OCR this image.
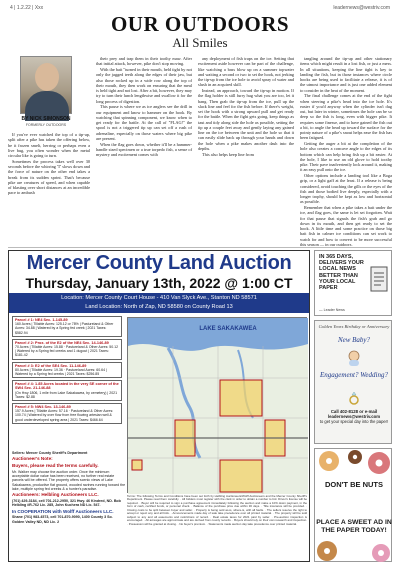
4 | 1.2.22 | Xxx	leadernews@westriv.com
OUR OUTDOORS
All Smiles
BY NICK SIMONSON
FORMERLY OUTDOORS

If you've ever watched the top of a tip-up, split after a pike has taken the offering below, be it frozen smelt, herring or perhaps even a live bug, you often wonder when the metal circular like is going to turn.

Sometimes the process takes well over 30 seconds before the whirring 'T' slows down and the force of nature on the other end takes a break from its sudden sprint. That's because pike are creatures of speed, and when capable of blasting over short distances at an incredible pace to ambush

their prey and trap them in their toothy maw. After that initial attack, however, pike don't stop moving.

With the bait "turned in their mouth, held tight by not only the jagged teeth along the edges of their jaw, but also those rocked up in a wide row along the top of their mouth, they then work on ensuring that the meal is held tight and not lost. After a bit, however, they may try to turn their lunch lengthwise and swallow it for the long process of digestion.

This pause is where we as ice anglers see the drill in our equipment and know to hammer on the hook. By watching that spinning component, we know when to get ready for the battle. At the call of "FLAG!" the spool is not a triggered tip up can set off a rush of adrenaline, especially on those waters where big pike are present.

When the flag goes down, whether it'll be a hammer-handle sized specimen or a true torpedo fish, a sense of mystery and excitement comes with

any deployment of fish traps on the ice. Setting that excitement aside however can be part of the challenge, like watching a bass blow up on a summer topwater and waiting a second or two to set the hook, not jerking the tip-up from the ice hole to avoid spray of water and slush in an acquired skill.

Instead, an approach, toward the tip-up in motion. If the flag holder is still furry hug what you are too, let it bang. Then grab the tip-up from the ice, pull up the slack line and feel for the fish before. If there's weight, set the hook with a strong upward pull and get ready for the battle. When the fight gets going, keep things as taut and tidy along side the hole as possible, setting the tip up a couple feet away and gently laying any gained line on the ice between the unit and the hole so that it can easily slide back up through your hands and down the hole when a pike makes another dash into the depths.

This also helps keep line from

tangling around the tip-up and other stationary items which might result in a lost fish, or just a mess. In all situations, keeping the line tight is key to landing the fish, but in those instances where circle hooks are being used to facilitate a release, it is of the utmost importance and is just one added element to consider in the heat of the moment.

The final challenge comes at the end of the fight when steering a pike's head into the ice hole. It's easier if you'd anyway when the cylinder isn't dug out, but later in winter, sometimes the hole can be so deep so the fish is long, even with bigger pike. It requires some finesse, and to have gained the fish out a bit, to angle the head up toward the surface for the pointy nature of a pike's snout helps ease the fish has been fatigued.

Getting the auger a bit at the completion of the hole also creates a concave angle to the edges of its bottom which can help bring fish up a bit easier. At the hole, I like to use an old glove to hold toothy pike. Their pave inadvertently lock around it, making it an easy pull onto the ice.

Other options include a landing tool like a Boga grip, or a light gaff at the least. If a release is being considered, avoid touching the gills or the eyes of the fish and those bodied live deeply, especially with a longer trophy, should be kept as low and horizontal as possible.

Remember that when a pike takes a bait under the ice, and flag goes, the same is let set forgotten. Wait for that pause that signals the fish's grab and go down in its mouth, and then get ready to set the hook. A little time and some practice on those big bait fish in calmer ice conditions can set work to watch for and how to convert to be more successful this season — in our outdoors.

Mercer County Land Auction
Thursday, January 13th, 2022 @ 1:00 CT
Location: Mercer County Court House - 410 Van Slyck Ave., Stanton ND 58571
Land Location: North of Zap, ND 58580 on County Road 13
Parcel # 1: NE4 Sec. 1-145-89
160 Acres | Tillable Acres: 125.12 or 78% | Pastureland & Other Acres: 34.88 | Watered by a Spring fed creek | 2021 Taxes: $582.94
Parcel # 2: Prox. of the E2 of the NE4 Sec. 14-146-89
70 Acres | Tillable Acres: 15.88 · Pastureland & Other Acres: 50.12 | Watered by a Spring fed creeks and 1 dugout | 2021 Taxes: $181.42
Parcel # 3: E2 of the SE4 Sec. 11-146-89
80 Acres | Tillable Acres: 19.36 · Pastureland Acres: 60.64 | Watered by a Spring fed creeks | 2021 Taxes: $256.85
Parcel # 4: 1.85 Acres located in the very SE corner of the SW4 Sec. 21-146-88
(On Hwy 1806, 1 mile from Lake Sakakawea, by cemetery) | 2021 Taxes: $2.88
Parcel # 5: NW4 Sec. 13-146-89
157.9 Acres | Tillable Acres: 57.16 · Pastureland & Other Acres: 100.74 | Watered by over flow from free flowing artesian well & good underdeveloped spring area | 2021 Taxes: $466.64

Sellers: Mercer County Sheriff's Department

Auctioneer's Note:

Buyers, please read the terms carefully.

Mr. Walker may choose the auction order. Once the minimum acceptable dollar value has been received, no further real estate parcels will be offered. The property offers scenic views of Lake Sakakawea, productive flat ground, wooded ravines running toward the lake, multiple spring fed creeks & a hunter's paradise.

Auctioneers: Helbling Auctioneers LLC.

(701) 429-3184, cell 701-212-2950, 321 Hwy. 46 Kindred, ND. Bob Helbling #R-762 Lic. 285, John Kuchera ND Lic. 547.

In COOPERATION with Wolff Auctioneers LLC.

Shane (701) 983-4573, cell 701-870-9090, 1400 County 3 So. Golden Valley ND, ND Lic. 2

LAKE SAKAKAWEA
Terms: The following Terms and Conditions have been set forth by Helbling Auctioneers/Wolff Auctioneers and the Mercer County Sheriff's Department. Please read them carefully. · All bidders must register with the clerk in order to obtain a number to bid. Driver's license will be required. · Buyer will be required to sign a purchase agreement immediately following the auction and make a 10% down payment, in the form of cash, certified funds, or personal check. · Balance of the purchase price due within 30 days. · Title insurance will be provided. · Closing costs to be split between buyer and seller. · Property is being sold as-is, where-is, with all faults. · The sellers reserve the right to accept or reject any and all bids. · Announcements made day of sale take precedence over all printed material. · The property will be sold subject to any and all easements and restrictions of record. · Real estate taxes for 2021 paid by seller. · Pre-auction inspection is encouraged. · All acreages are approximate and are derived from county records. · Buyers should rely on their own research and inspection. · Possession will be granted at closing. · No buyer's premium. · Statements made auction day take precedence over printed material.
IN 365 DAYS, DELIVERS YOUR LOCAL NEWS BETTER THAN YOUR LOCAL PAPER
— Leader News
Golden Years Birthday or Anniversary
New Baby?
Engagement? Wedding?
Call 402-8128 or e-mail leadernews@westriv.com
to get your special day into the paper!
DON'T BE NUTS
PLACE A SWEET AD IN THE PAPER TODAY!
